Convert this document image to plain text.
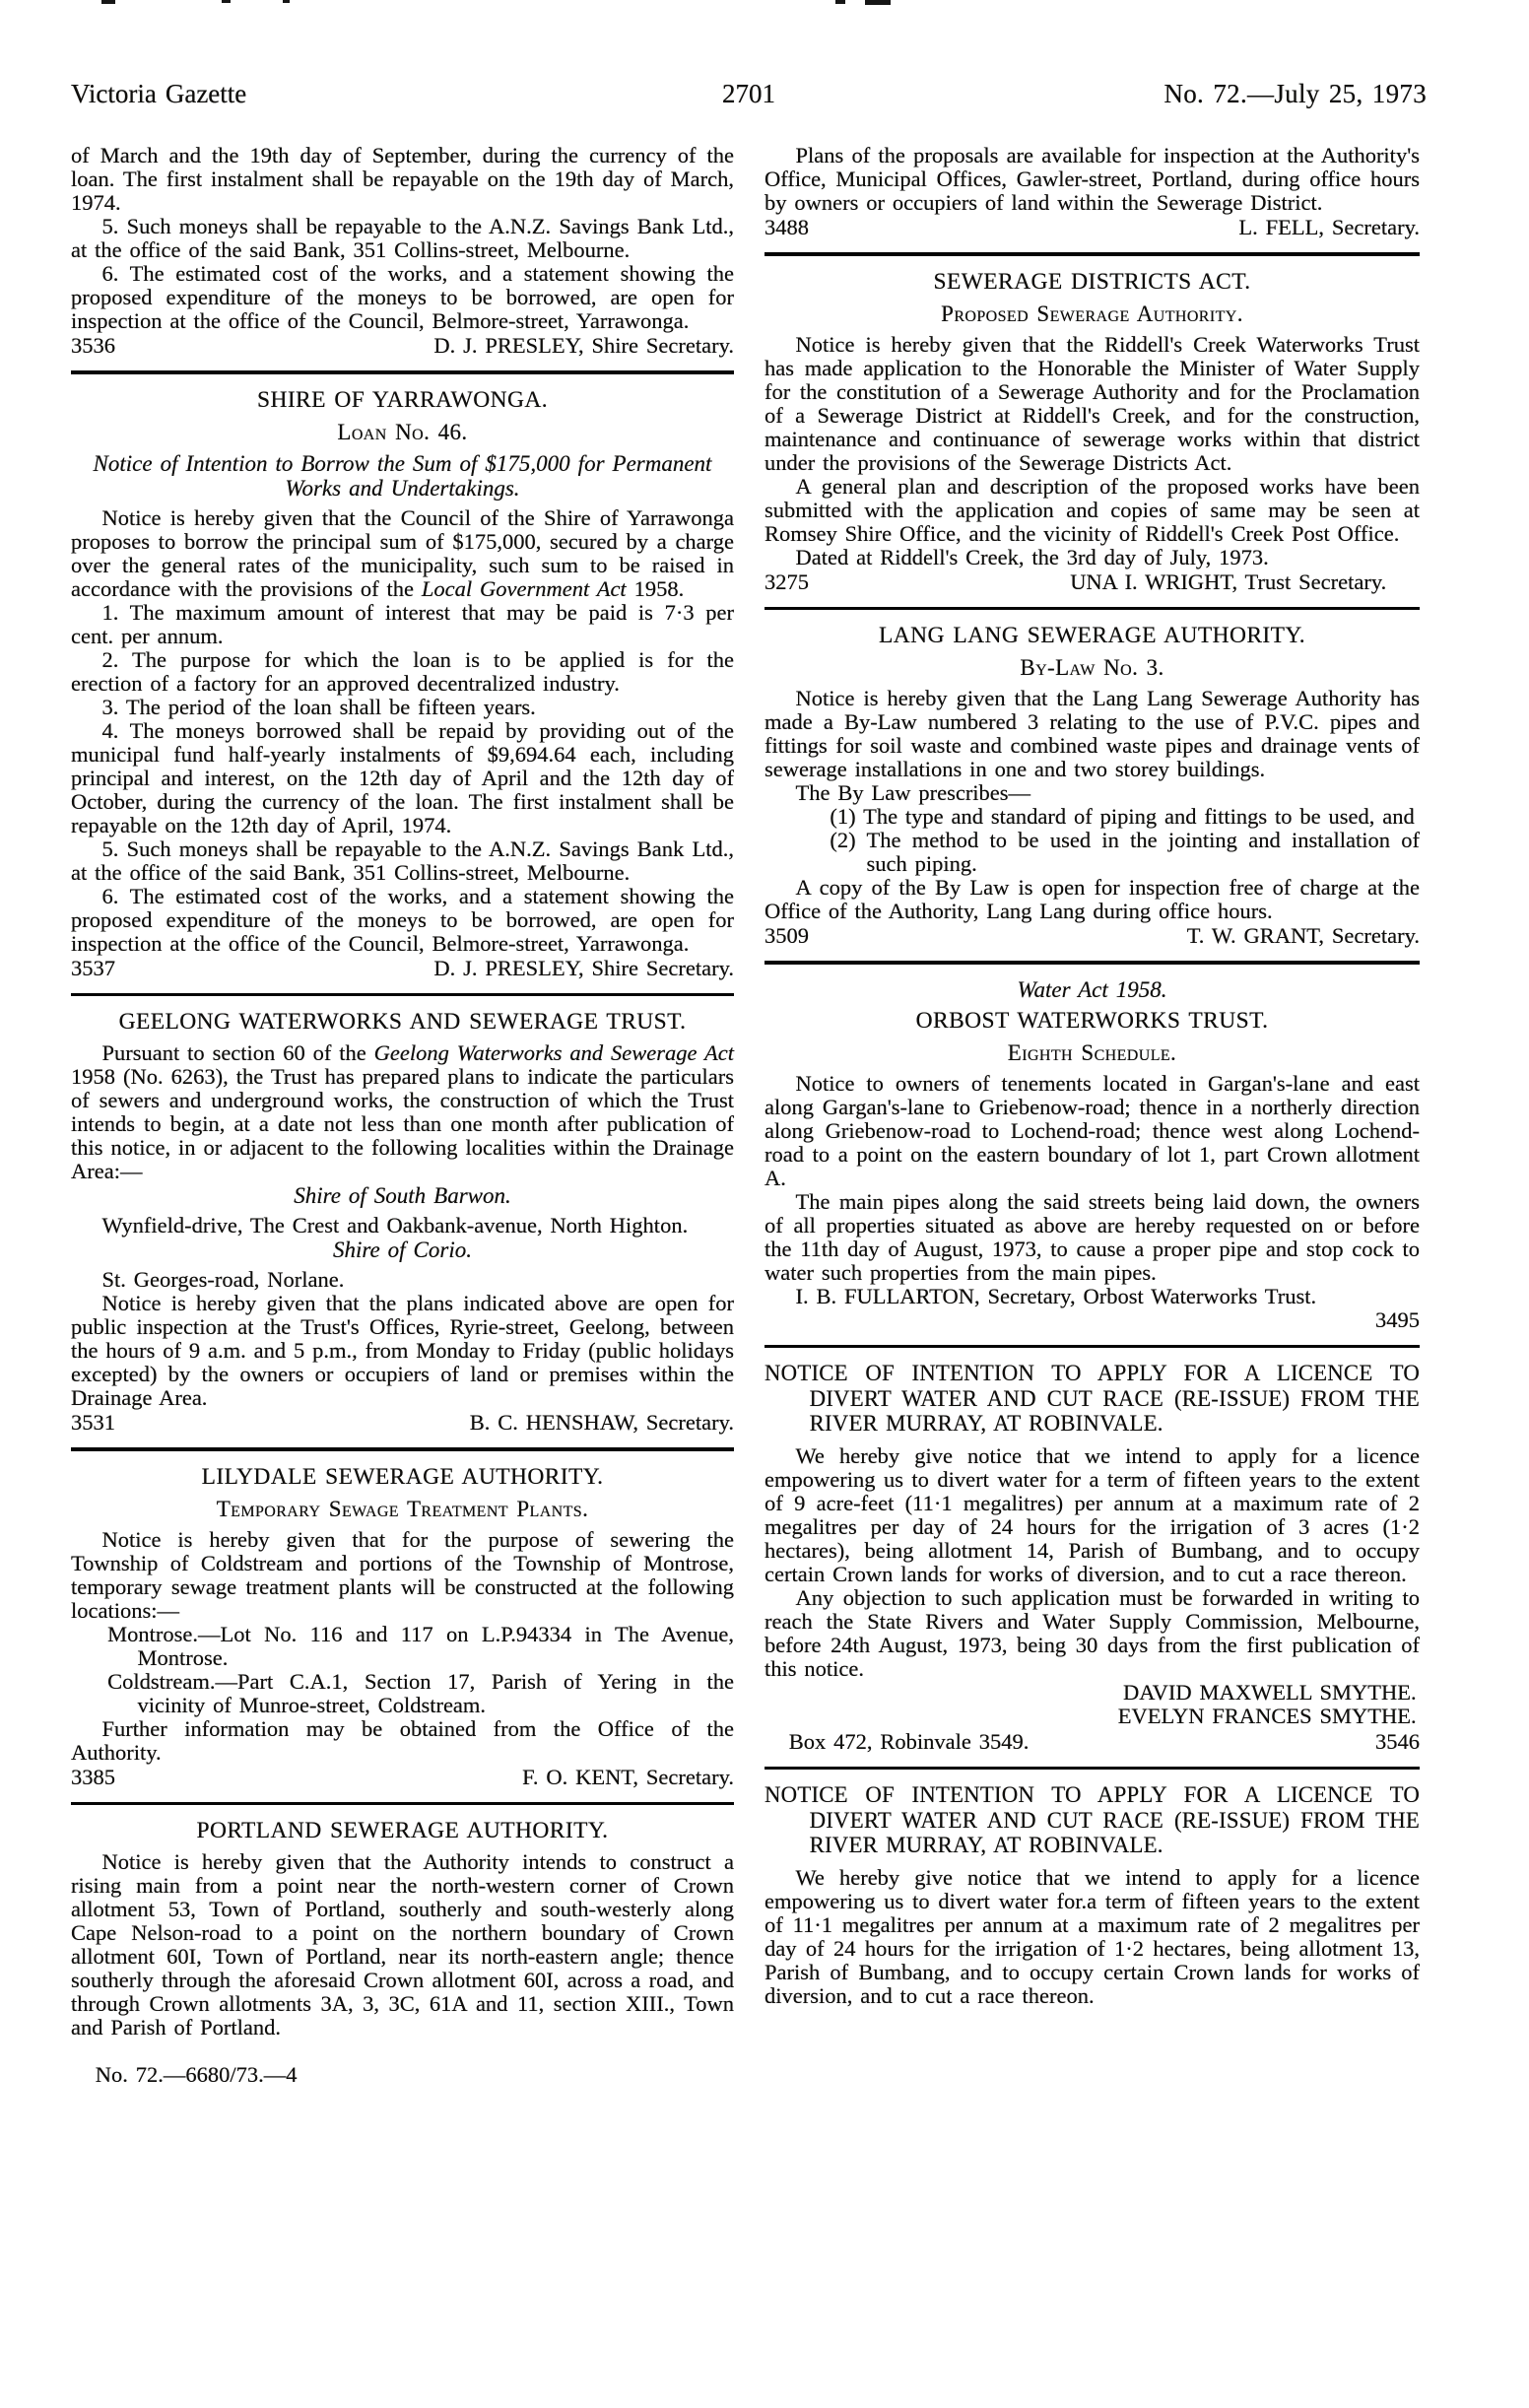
Victoria Gazette	2701	No. 72.—July 25, 1973

of March and the 19th day of September, during the currency of the loan. The first instalment shall be repayable on the 19th day of March, 1974.

5. Such moneys shall be repayable to the A.N.Z. Savings Bank Ltd., at the office of the said Bank, 351 Collins-street, Melbourne.

6. The estimated cost of the works, and a statement showing the proposed expenditure of the moneys to be borrowed, are open for inspection at the office of the Council, Belmore-street, Yarrawonga.

3536	D. J. PRESLEY, Shire Secretary.

SHIRE OF YARRAWONGA.

Loan No. 46.

Notice of Intention to Borrow the Sum of $175,000 for Permanent Works and Undertakings.

Notice is hereby given that the Council of the Shire of Yarrawonga proposes to borrow the principal sum of $175,000, secured by a charge over the general rates of the municipality, such sum to be raised in accordance with the provisions of the Local Government Act 1958.

1. The maximum amount of interest that may be paid is 7·3 per cent. per annum.

2. The purpose for which the loan is to be applied is for the erection of a factory for an approved decentralized industry.

3. The period of the loan shall be fifteen years.

4. The moneys borrowed shall be repaid by providing out of the municipal fund half-yearly instalments of $9,694.64 each, including principal and interest, on the 12th day of April and the 12th day of October, during the currency of the loan. The first instalment shall be repayable on the 12th day of April, 1974.

5. Such moneys shall be repayable to the A.N.Z. Savings Bank Ltd., at the office of the said Bank, 351 Collins-street, Melbourne.

6. The estimated cost of the works, and a statement showing the proposed expenditure of the moneys to be borrowed, are open for inspection at the office of the Council, Belmore-street, Yarrawonga.

3537	D. J. PRESLEY, Shire Secretary.

GEELONG WATERWORKS AND SEWERAGE TRUST.

Pursuant to section 60 of the Geelong Waterworks and Sewerage Act 1958 (No. 6263), the Trust has prepared plans to indicate the particulars of sewers and underground works, the construction of which the Trust intends to begin, at a date not less than one month after publication of this notice, in or adjacent to the following localities within the Drainage Area:—

Shire of South Barwon.

Wynfield-drive, The Crest and Oakbank-avenue, North Highton.

Shire of Corio.

St. Georges-road, Norlane.

Notice is hereby given that the plans indicated above are open for public inspection at the Trust's Offices, Ryrie-street, Geelong, between the hours of 9 a.m. and 5 p.m., from Monday to Friday (public holidays excepted) by the owners or occupiers of land or premises within the Drainage Area.

3531	B. C. HENSHAW, Secretary.

LILYDALE SEWERAGE AUTHORITY.

Temporary Sewage Treatment Plants.

Notice is hereby given that for the purpose of sewering the Township of Coldstream and portions of the Township of Montrose, temporary sewage treatment plants will be constructed at the following locations:—

Montrose.—Lot No. 116 and 117 on L.P.94334 in The Avenue, Montrose.

Coldstream.—Part C.A.1, Section 17, Parish of Yering in the vicinity of Munroe-street, Coldstream.

Further information may be obtained from the Office of the Authority.

3385	F. O. KENT, Secretary.

PORTLAND SEWERAGE AUTHORITY.

Notice is hereby given that the Authority intends to construct a rising main from a point near the north-western corner of Crown allotment 53, Town of Portland, southerly and south-westerly along Cape Nelson-road to a point on the northern boundary of Crown allotment 60I, Town of Portland, near its north-eastern angle; thence southerly through the aforesaid Crown allotment 60I, across a road, and through Crown allotments 3A, 3, 3C, 61A and 11, section XIII., Town and Parish of Portland.

No. 72.—6680/73.—4

Plans of the proposals are available for inspection at the Authority's Office, Municipal Offices, Gawler-street, Portland, during office hours by owners or occupiers of land within the Sewerage District.

3488	L. FELL, Secretary.

SEWERAGE DISTRICTS ACT.

Proposed Sewerage Authority.

Notice is hereby given that the Riddell's Creek Waterworks Trust has made application to the Honorable the Minister of Water Supply for the constitution of a Sewerage Authority and for the Proclamation of a Sewerage District at Riddell's Creek, and for the construction, maintenance and continuance of sewerage works within that district under the provisions of the Sewerage Districts Act.

A general plan and description of the proposed works have been submitted with the application and copies of same may be seen at Romsey Shire Office, and the vicinity of Riddell's Creek Post Office.

Dated at Riddell's Creek, the 3rd day of July, 1973.

3275	UNA I. WRIGHT, Trust Secretary.

LANG LANG SEWERAGE AUTHORITY.

By-Law No. 3.

Notice is hereby given that the Lang Lang Sewerage Authority has made a By-Law numbered 3 relating to the use of P.V.C. pipes and fittings for soil waste and combined waste pipes and drainage vents of sewerage installations in one and two storey buildings.

The By Law prescribes—

(1) The type and standard of piping and fittings to be used, and

(2) The method to be used in the jointing and installation of such piping.

A copy of the By Law is open for inspection free of charge at the Office of the Authority, Lang Lang during office hours.

3509	T. W. GRANT, Secretary.

Water Act 1958.

ORBOST WATERWORKS TRUST.

Eighth Schedule.

Notice to owners of tenements located in Gargan's-lane and east along Gargan's-lane to Griebenow-road; thence in a northerly direction along Griebenow-road to Lochend-road; thence west along Lochend-road to a point on the eastern boundary of lot 1, part Crown allotment A.

The main pipes along the said streets being laid down, the owners of all properties situated as above are hereby requested on or before the 11th day of August, 1973, to cause a proper pipe and stop cock to water such properties from the main pipes.

I. B. FULLARTON, Secretary, Orbost Waterworks Trust.
3495

NOTICE OF INTENTION TO APPLY FOR A LICENCE TO DIVERT WATER AND CUT RACE (RE-ISSUE) FROM THE RIVER MURRAY, AT ROBINVALE.

We hereby give notice that we intend to apply for a licence empowering us to divert water for a term of fifteen years to the extent of 9 acre-feet (11·1 megalitres) per annum at a maximum rate of 2 megalitres per day of 24 hours for the irrigation of 3 acres (1·2 hectares), being allotment 14, Parish of Bumbang, and to occupy certain Crown lands for works of diversion, and to cut a race thereon.

Any objection to such application must be forwarded in writing to reach the State Rivers and Water Supply Commission, Melbourne, before 24th August, 1973, being 30 days from the first publication of this notice.

DAVID MAXWELL SMYTHE.

EVELYN FRANCES SMYTHE.

Box 472, Robinvale 3549.	3546

NOTICE OF INTENTION TO APPLY FOR A LICENCE TO DIVERT WATER AND CUT RACE (RE-ISSUE) FROM THE RIVER MURRAY, AT ROBINVALE.

We hereby give notice that we intend to apply for a licence empowering us to divert water for.a term of fifteen years to the extent of 11·1 megalitres per annum at a maximum rate of 2 megalitres per day of 24 hours for the irrigation of 1·2 hectares, being allotment 13, Parish of Bumbang, and to occupy certain Crown lands for works of diversion, and to cut a race thereon.
